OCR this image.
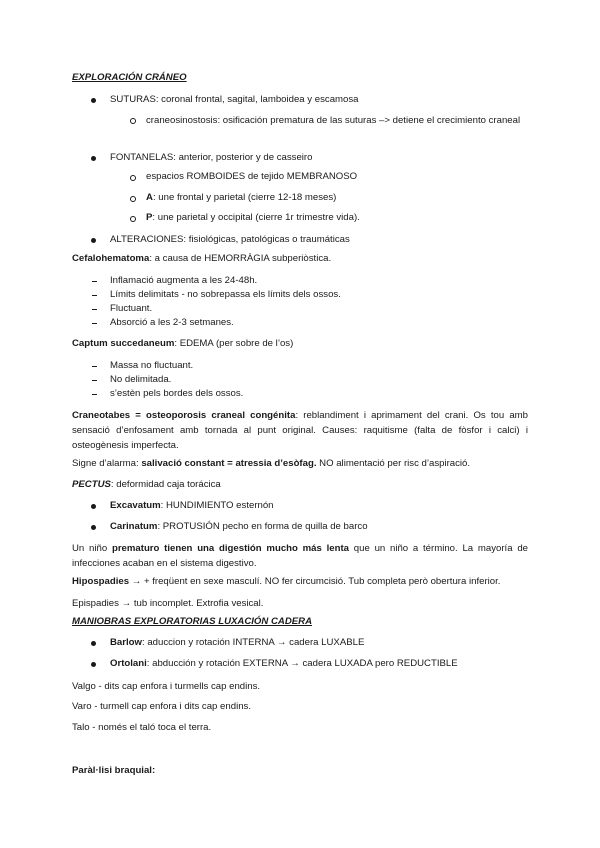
EXPLORACIÓN CRÁNEO
SUTURAS: coronal frontal, sagital, lamboidea y escamosa
craneosinostosis: osificación prematura de las suturas –> detiene el crecimiento craneal
FONTANELAS: anterior, posterior y de casseiro
espacios ROMBOIDES de tejido MEMBRANOSO
A: une frontal y parietal (cierre 12-18 meses)
P: une parietal y occipital (cierre 1r trimestre vida).
ALTERACIONES: fisiológicas, patológicas o traumáticas
Cefalohematoma: a causa de HEMORRÀGIA subperiòstica.
Inflamació augmenta a les 24-48h.
Límits delimitats - no sobrepassa els límits dels ossos.
Fluctuant.
Absorció a les 2-3 setmanes.
Captum succedaneum: EDEMA (per sobre de l’os)
Massa no fluctuant.
No delimitada.
s’estèn pels bordes dels ossos.
Craneotabes = osteoporosis craneal congénita: reblandiment i aprimament del crani. Os tou amb sensació d’enfosament amb tornada al punt original. Causes: raquitisme (falta de fòsfor i calci) i osteogènesis imperfecta.
Signe d’alarma: salivació constant = atressia d’esòfag. NO alimentació per risc d’aspiració.
PECTUS: deformidad caja torácica
Excavatum: HUNDIMIENTO esternón
Carinatum: PROTUSIÓN pecho en forma de quilla de barco
Un niño prematuro tienen una digestión mucho más lenta que un niño a término. La mayoría de infecciones acaban en el sistema digestivo.
Hipospadies → + freqüent en sexe masculí. NO fer circumcisió. Tub completa però obertura inferior.
Epispadies → tub incomplet. Extrofia vesical.
MANIOBRAS EXPLORATORIAS LUXACIÓN CADERA
Barlow: aduccion y rotación INTERNA → cadera LUXABLE
Ortolani: abducción y rotación EXTERNA → cadera LUXADA pero REDUCTIBLE
Valgo - dits cap enfora i turmells cap endins.
Varo - turmell cap enfora i dits cap endins.
Talo - només el taló toca el terra.
Paràl·lisi braquial:
